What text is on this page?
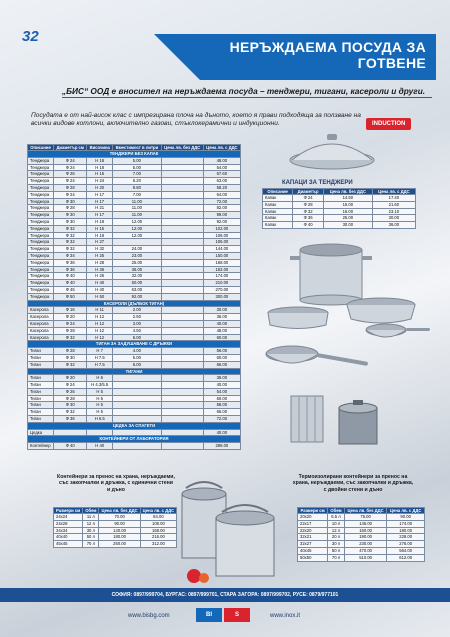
32
НЕРЪЖДАЕМА ПОСУДА ЗА
ГОТВЕНЕ
„БИС“ ООД е вносител на неръждаема посуда – тенджери, тигани, касероли и други.
Посудата е от най-висок клас с импрезирана плоча на дъното, което я прави подходяща за ползване на всички видове котлони, включително газови, стъклокерамични и индукционни.	INDUCTION
Описание	Диаметър см	Височина	Вместимост в литри	Цена лв. без ДДС	Цена лв. с ДДС
ТЕНДЖЕРИ БЕЗ КАПАК					
Тенджера	Ф 24	Н 18	5.00		48.00
Тенджера	Ф 24	Н 18	5.00		54.00
Тенджера	Ф 26	Н 15	7.00		57.60
Тенджера	Ф 24	Н 24	6.20		63.00
Тенджера	Ф 28	Н 20	9.80		58.20
Тенджера	Ф 24	Н 17	7.00		64.00
Тенджера	Ф 30	Н 17	11.00		72.00
Тенджера	Ф 28	Н 21	11.00		82.00
Тенджера	Ф 30	Н 17	11.00		99.00
Тенджера	Ф 30	Н 18	12.00		92.00
Тенджера	Ф 32	Н 15	12.00		102.00
Тенджера	Ф 32	Н 18	12.00		108.00
Тенджера	Ф 32	Н 27			106.00
Тенджера	Ф 32	Н 32	24.00		144.00
Тенджера	Ф 34	Н 25	23.00		150.00
Тенджера	Ф 36	Н 28	25.00		168.00
Тенджера	Ф 36	Н 36	36.00		182.00
Тенджера	Ф 40	Н 26	32.00		174.00
Тенджера	Ф 40	Н 40	50.00		210.00
Тенджера	Ф 45	Н 40	63.00		270.00
Тенджера	Ф 50	Н 50	92.00		300.00
КАСЕРОЛИ (ДЪЛБОК ТИГАН)					
Касерола	Ф 16	Н 11	2.00		30.00
Касерола	Ф 20	Н 12	2.50		36.00
Касерола	Ф 24	Н 12	3.00		40.00
Касерола	Ф 28	Н 12	4.50		48.00
Касерола	Ф 32	Н 12	6.00		60.00
ТИГАН ЗА ЗАДУШАВАНЕ С ДРЪЖКИ					
Тиган	Ф 28	Н 7	4.00		56.00
Тиган	Ф 30	Н 7.5	5.00		60.00
Тиган	Ф 32	Н 7.5	6.00		66.00
ТИГАНИ					
Тиган	Ф 20	Н 6			36.00
Тиган	Ф 24	Н 4.3/5.5			40.00
Тиган	Ф 26	Н 5			54.00
Тиган	Ф 28	Н 5			60.00
Тиган	Ф 30	Н 5			58.00
Тиган	Ф 32	Н 5			66.00
Тиган	Ф 36	Н 6.5			72.00
ЦЕДКА ЗА СПАГЕТИ					
Цедка					40.00
КОНТЕЙНЕРИ ОТ ЛАБОРАТОРИЯ					
Контейнер	Ф 40	Н 40			288.00
КАПАЦИ ЗА ТЕНДЖЕРИ
Описание	Диаметър	Цена лв. без ДДС	Цена лв. с ДДС
Капак	Ф 24	14.50	17.40
Капак	Ф 28	15.00	21.60
Капак	Ф 32	16.00	23.10
Капак	Ф 36	25.00	30.00
Капак	Ф 40	30.00	36.00
Контейнери за пренос на храна, неръждаеми, със закопчалки и дръжка, с единични стени и дъно
Размери см	Обем	Цена лв. без ДДС	Цена лв. с ДДС
24x24	11 л	70.00	84.00
24x28	12 л	90.00	108.00
34x34	30 л	140.00	168.00
40x40	50 л	180.00	216.00
45x45	70 л	260.00	312.00
Термоизолирани контейнери за пренос на храна, неръждаеми, със закопчалки и дръжка, с двойни стени и дъно
Размери см	Обем	Цена лв. без ДДС	Цена лв. с ДДС
20x20	6.5 л	75.00	90.00
22x17	10 л	145.00	174.00
22x20	12 л	150.00	180.00
32x21	20 л	190.00	228.00
32x27	30 л	230.00	276.00
40x45	50 л	470.00	564.00
50x50	70 л	510.00	612.00
СОФИЯ: 0897/999704, БУРГАС: 0897/999701, СТАРА ЗАГОРА: 0897/999702, РУСЕ: 0879/977101
www.bisbg.com	BI	S	www.inox.it
